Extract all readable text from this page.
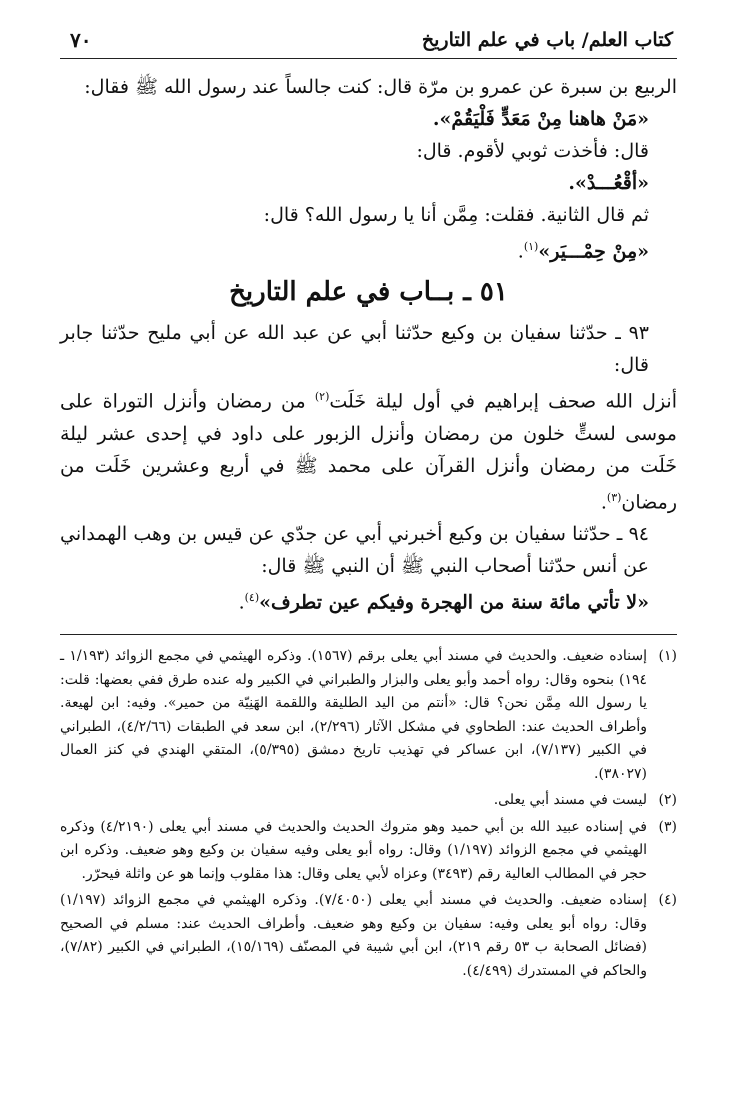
كتاب العلم/ باب في علم التاريخ
٧٠

الربيع بن سبرة عن عمرو بن مرّة قال: كنت جالساً عند رسول الله ﷺ فقال:

«مَنْ هاهنا مِنْ مَعَدٍّ فَلْيَقُمْ».

قال: فأخذت ثوبي لأقوم. قال:

«أقْعُـــدْ».

ثم قال الثانية. فقلت: مِمَّن أنا يا رسول الله؟ قال:

«مِنْ حِمْـــيَر»$^{(١)}$.

٥١ ـ بــاب في علم التاريخ

٩٣ ـ حدّثنا سفيان بن وكيع حدّثنا أبي عن عبد الله عن أبي مليح حدّثنا جابر قال:

أنزل الله صحف إبراهيم في أول ليلة خَلَت$^{(٢)}$ من رمضان وأنزل التوراة على موسى لستٍّ خلون من رمضان وأنزل الزبور على داود في إحدى عشر ليلة خَلَت من رمضان وأنزل القرآن على محمد ﷺ في أربع وعشرين خَلَت من رمضان$^{(٣)}$.

٩٤ ـ حدّثنا سفيان بن وكيع أخبرني أبي عن جدّي عن قيس بن وهب الهمداني عن أنس حدّثنا أصحاب النبي ﷺ أن النبي ﷺ قال:

«لا تأتي مائة سنة من الهجرة وفيكم عين تطرف»$^{(٤)}$.

(١)
إسناده ضعيف. والحديث في مسند أبي يعلى برقم (١٥٦٧). وذكره الهيثمي في مجمع الزوائد (١/١٩٣ ـ ١٩٤) بنحوه وقال: رواه أحمد وأبو يعلى والبزار والطبراني في الكبير وله عنده طرق ففي بعضها: قلت: يا رسول الله مِمَّن نحن؟ قال: «أنتم من اليد الطليقة واللقمة الهَنِيّة من حمير». وفيه: ابن لهيعة. وأطراف الحديث عند: الطحاوي في مشكل الآثار (٢/٢٩٦)، ابن سعد في الطبقات (٤/٢/٦٦)، الطبراني في الكبير (٧/١٣٧)، ابن عساكر في تهذيب تاريخ دمشق (٥/٣٩٥)، المتقي الهندي في كنز العمال (٣٨٠٢٧).
(٢)
ليست في مسند أبي يعلى.
(٣)
في إسناده عبيد الله بن أبي حميد وهو متروك الحديث والحديث في مسند أبي يعلى (٤/٢١٩٠) وذكره الهيثمي في مجمع الزوائد (١/١٩٧) وقال: رواه أبو يعلى وفيه سفيان بن وكيع وهو ضعيف. وذكره ابن حجر في المطالب العالية رقم (٣٤٩٣) وعزاه لأبي يعلى وقال: هذا مقلوب وإنما هو عن واثلة فيحرّر.
(٤)
إسناده ضعيف. والحديث في مسند أبي يعلى (٧/٤٠٥٠). وذكره الهيثمي في مجمع الزوائد (١/١٩٧) وقال: رواه أبو يعلى وفيه: سفيان بن وكيع وهو ضعيف. وأطراف الحديث عند: مسلم في الصحيح (فضائل الصحابة ب ٥٣ رقم ٢١٩)، ابن أبي شيبة في المصنّف (١٥/١٦٩)، الطبراني في الكبير (٧/٨٢)، والحاكم في المستدرك (٤/٤٩٩).
